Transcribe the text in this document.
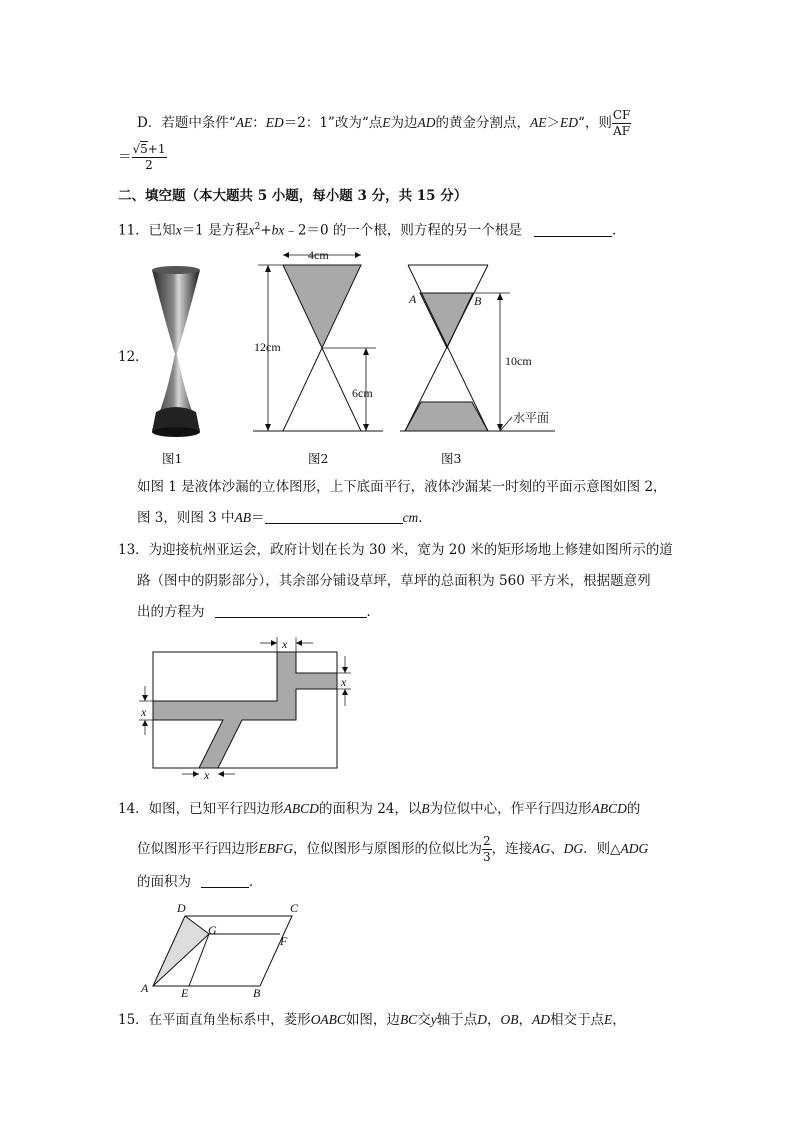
D．若题中条件“AE：ED＝2：1”改为“点E为边AD的黄金分割点，AE＞ED“，则 $\frac{CF}{AF}$
＝ $\frac{√5+1}{2}$
二、填空题（本大题共 5 小题，每小题 3 分，共 15 分）
11．已知x＝1 是方程$x^2+bx﹣2=0$ 的一个根，则方程的另一个根是	．
12．
图1
4cm
12cm
6cm
图2
A	B
10cm
水平面
图3
如图 1 是液体沙漏的立体图形，上下底面平行，液体沙漏某一时刻的平面示意图如图 2，
图 3，则图 3 中AB＝	cm．
13．为迎接杭州亚运会，政府计划在长为 30 米，宽为 20 米的矩形场地上修建如图所示的道
路（图中的阴影部分），其余部分铺设草坪，草坪的总面积为 560 平方米，根据题意列
出的方程为	．
x
x
x
x
14．如图，已知平行四边形ABCD的面积为 24，以B为位似中心，作平行四边形ABCD的
位似图形平行四边形EBFG，位似图形与原图形的位似比为 $\frac{2}{3}$ ，连接AG、DG．则△ADG
的面积为	．
A	E	B
D	C
G
F
15．在平面直角坐标系中，菱形OABC如图，边BC交y轴于点D，OB，AD相交于点E，
